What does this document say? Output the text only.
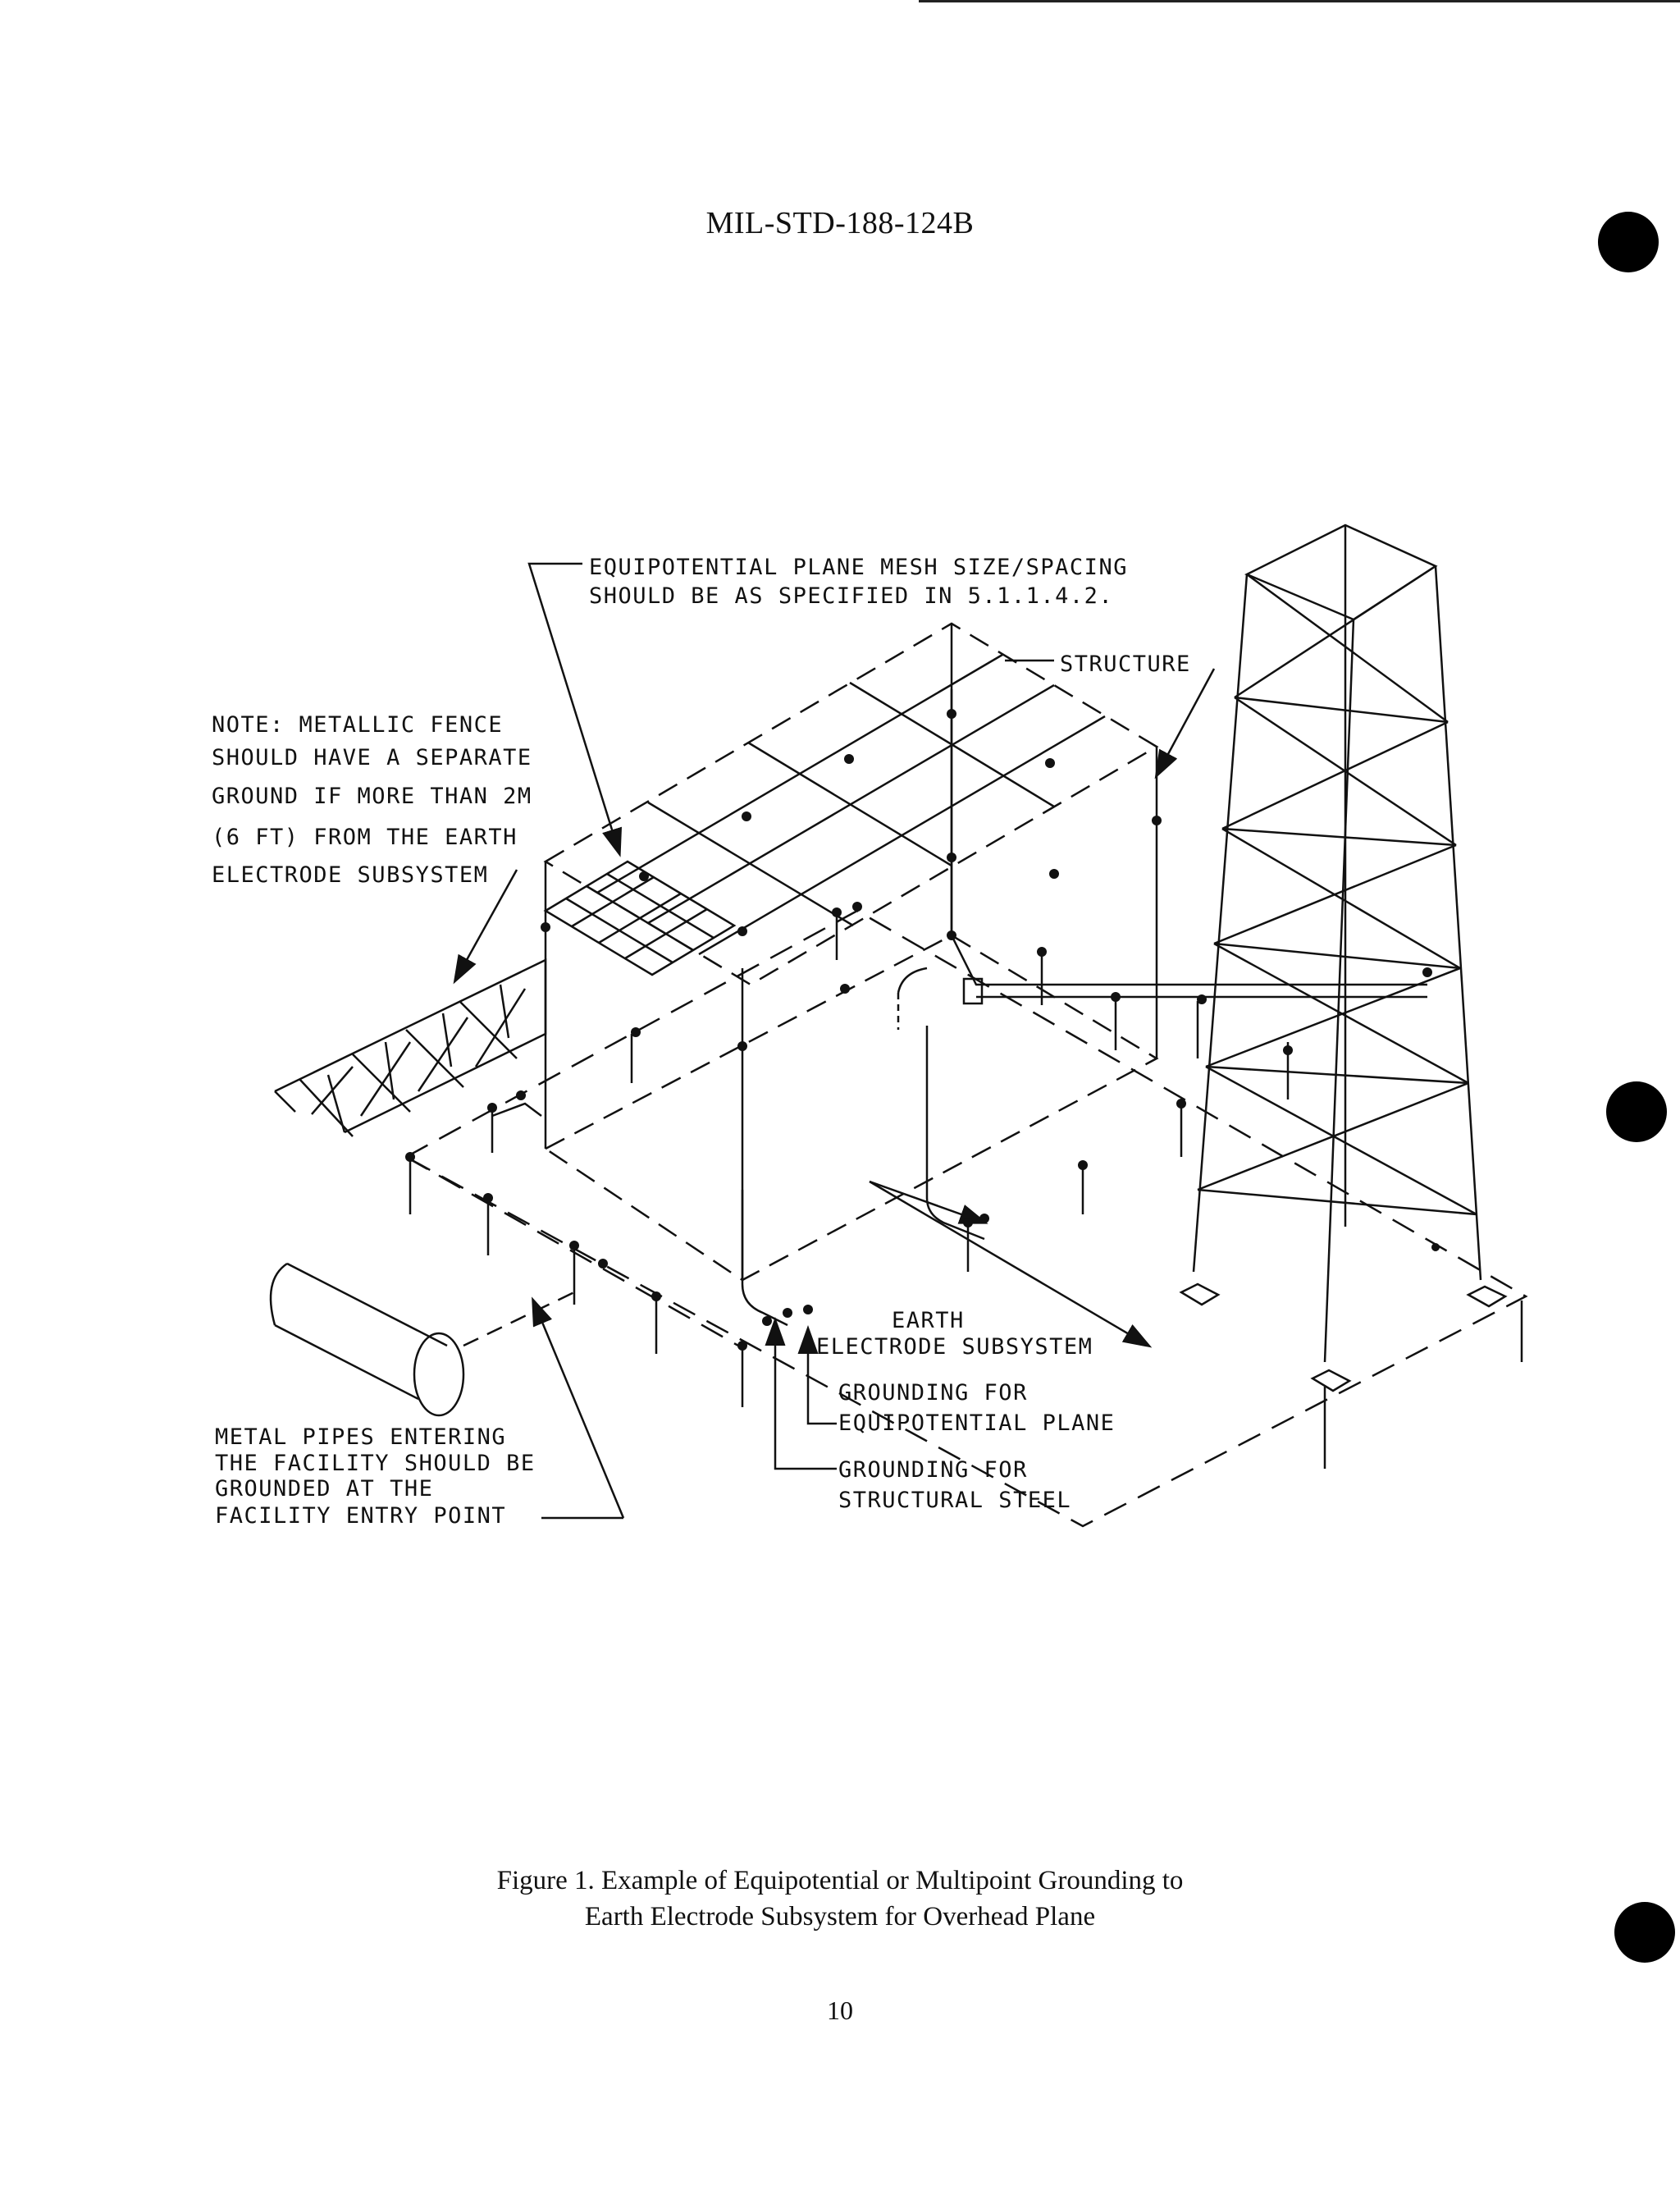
MIL-STD-188-124B
EQUIPOTENTIAL PLANE MESH SIZE/SPACING
SHOULD BE AS SPECIFIED IN 5.1.1.4.2.
STRUCTURE
NOTE: METALLIC FENCE
SHOULD HAVE A SEPARATE
GROUND IF MORE THAN 2M
(6 FT) FROM THE EARTH
ELECTRODE SUBSYSTEM
EARTH
ELECTRODE SUBSYSTEM
GROUNDING FOR
EQUIPOTENTIAL PLANE
GROUNDING FOR
STRUCTURAL STEEL
METAL PIPES ENTERING
THE FACILITY SHOULD BE
GROUNDED AT THE
FACILITY ENTRY POINT
Figure 1. Example of Equipotential or Multipoint Grounding to
Earth Electrode Subsystem for Overhead Plane
10
